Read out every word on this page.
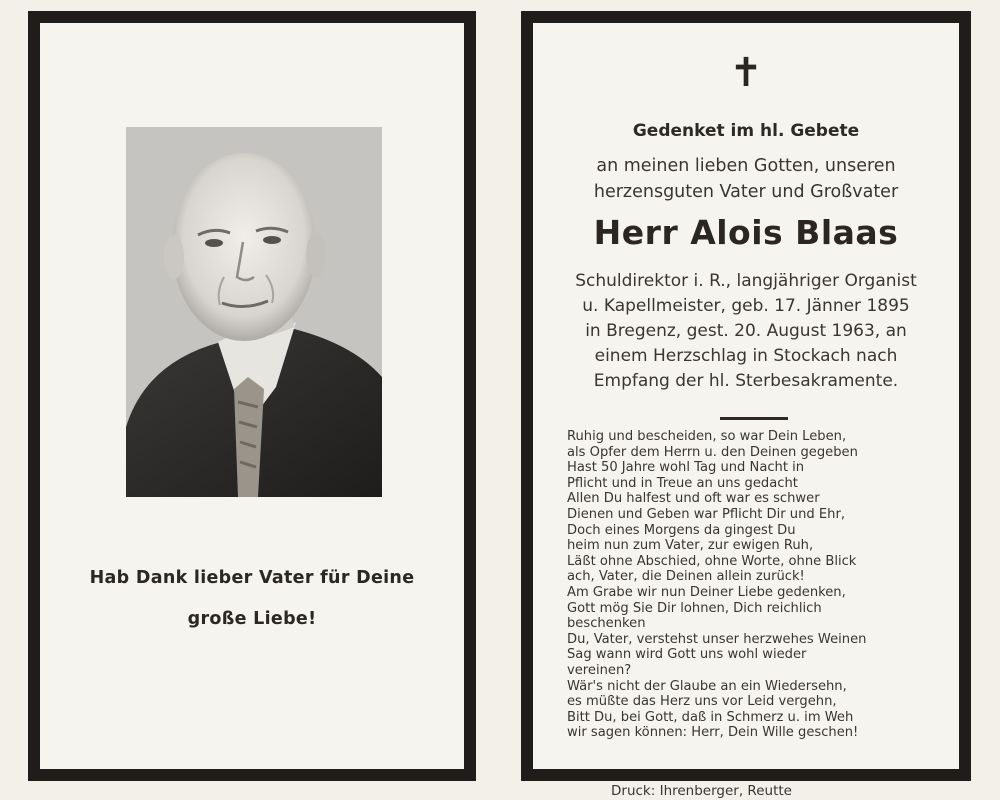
Hab Dank lieber Vater für Deine
große Liebe!
✝
Gedenket im hl. Gebete
an meinen lieben Gotten, unseren
herzensguten Vater und Großvater
Herr Alois Blaas
Schuldirektor i. R., langjähriger Organist
u. Kapellmeister, geb. 17. Jänner 1895
in Bregenz, gest. 20. August 1963, an
einem Herzschlag in Stockach nach
Empfang der hl. Sterbesakramente.
Ruhig und bescheiden, so war Dein Leben,
als Opfer dem Herrn u. den Deinen gegeben
Hast 50 Jahre wohl Tag und Nacht in
Pflicht und in Treue an uns gedacht
Allen Du halfest und oft war es schwer
Dienen und Geben war Pflicht Dir und Ehr,
Doch eines Morgens da gingest Du
heim nun zum Vater, zur ewigen Ruh,
Läßt ohne Abschied, ohne Worte, ohne Blick
ach, Vater, die Deinen allein zurück!
Am Grabe wir nun Deiner Liebe gedenken,
Gott mög Sie Dir lohnen, Dich reichlich
beschenken
Du, Vater, verstehst unser herzwehes Weinen
Sag wann wird Gott uns wohl wieder
vereinen?
Wär's nicht der Glaube an ein Wiedersehn,
es müßte das Herz uns vor Leid vergehn,
Bitt Du, bei Gott, daß in Schmerz u. im Weh
wir sagen können: Herr, Dein Wille geschen!
Druck: Ihrenberger, Reutte
